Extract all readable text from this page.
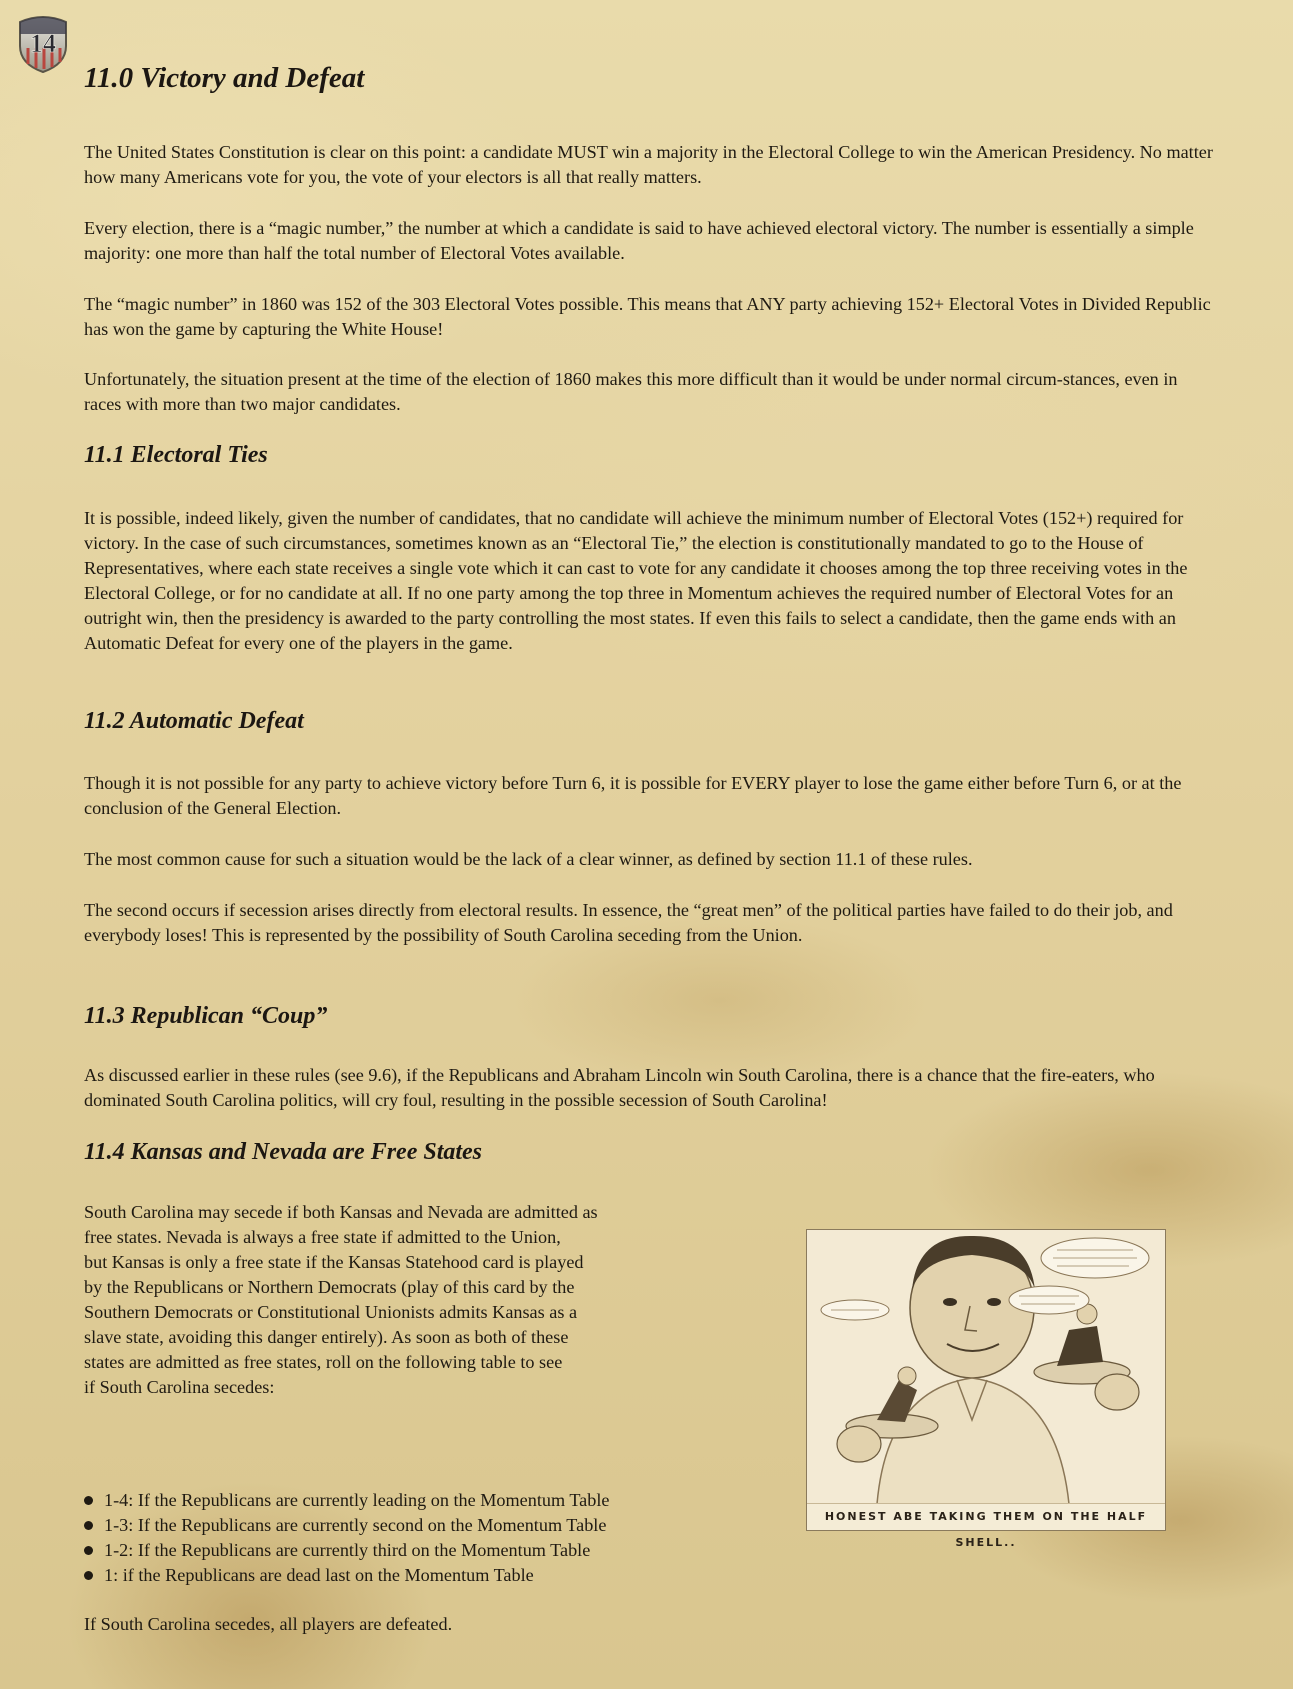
14
11.0 Victory and Defeat

The United States Constitution is clear on this point: a candidate MUST win a majority in the Electoral College to win the American Presidency. No matter how many Americans vote for you, the vote of your electors is all that really matters.

Every election, there is a “magic number,” the number at which a candidate is said to have achieved electoral victory. The number is essentially a simple majority: one more than half the total number of Electoral Votes available.

The “magic number” in 1860 was 152 of the 303 Electoral Votes possible. This means that ANY party achieving 152+ Electoral Votes in Divided Republic has won the game by capturing the White House!

Unfortunately, the situation present at the time of the election of 1860 makes this more difficult than it would be under normal circum-stances, even in races with more than two major candidates.

11.1 Electoral Ties

It is possible, indeed likely, given the number of candidates, that no candidate will achieve the minimum number of Electoral Votes (152+) required for victory. In the case of such circumstances, sometimes known as an “Electoral Tie,” the election is constitutionally mandated to go to the House of Representatives, where each state receives a single vote which it can cast to vote for any candidate it chooses among the top three receiving votes in the Electoral College, or for no candidate at all. If no one party among the top three in Momentum achieves the required number of Electoral Votes for an outright win, then the presidency is awarded to the party controlling the most states. If even this fails to select a candidate, then the game ends with an Automatic Defeat for every one of the players in the game.

11.2 Automatic Defeat

Though it is not possible for any party to achieve victory before Turn 6, it is possible for EVERY player to lose the game either before Turn 6, or at the conclusion of the General Election.

The most common cause for such a situation would be the lack of a clear winner, as defined by section 11.1 of these rules.

The second occurs if secession arises directly from electoral results. In essence, the “great men” of the political parties have failed to do their job, and everybody loses! This is represented by the possibility of South Carolina seceding from the Union.

11.3 Republican “Coup”

As discussed earlier in these rules (see 9.6), if the Republicans and Abraham Lincoln win South Carolina, there is a chance that the fire-eaters, who dominated South Carolina politics, will cry foul, resulting in the possible secession of South Carolina!

11.4 Kansas and Nevada are Free States

South Carolina may secede if both Kansas and Nevada are admitted as

free states. Nevada is always a free state if admitted to the Union,

but Kansas is only a free state if the Kansas Statehood card is played

by the Republicans or Northern Democrats (play of this card by the

Southern Democrats or Constitutional Unionists admits Kansas as a

slave state, avoiding this danger entirely). As soon as both of these

states are admitted as free states, roll on the following table to see

if South Carolina secedes:

1-4: If the Republicans are currently leading on the Momentum Table
1-3: If the Republicans are currently second on the Momentum Table
1-2: If the Republicans are currently third on the Momentum Table
1: if the Republicans are dead last on the Momentum Table

If South Carolina secedes, all players are defeated.

HONEST ABE TAKING THEM ON THE HALF SHELL..
